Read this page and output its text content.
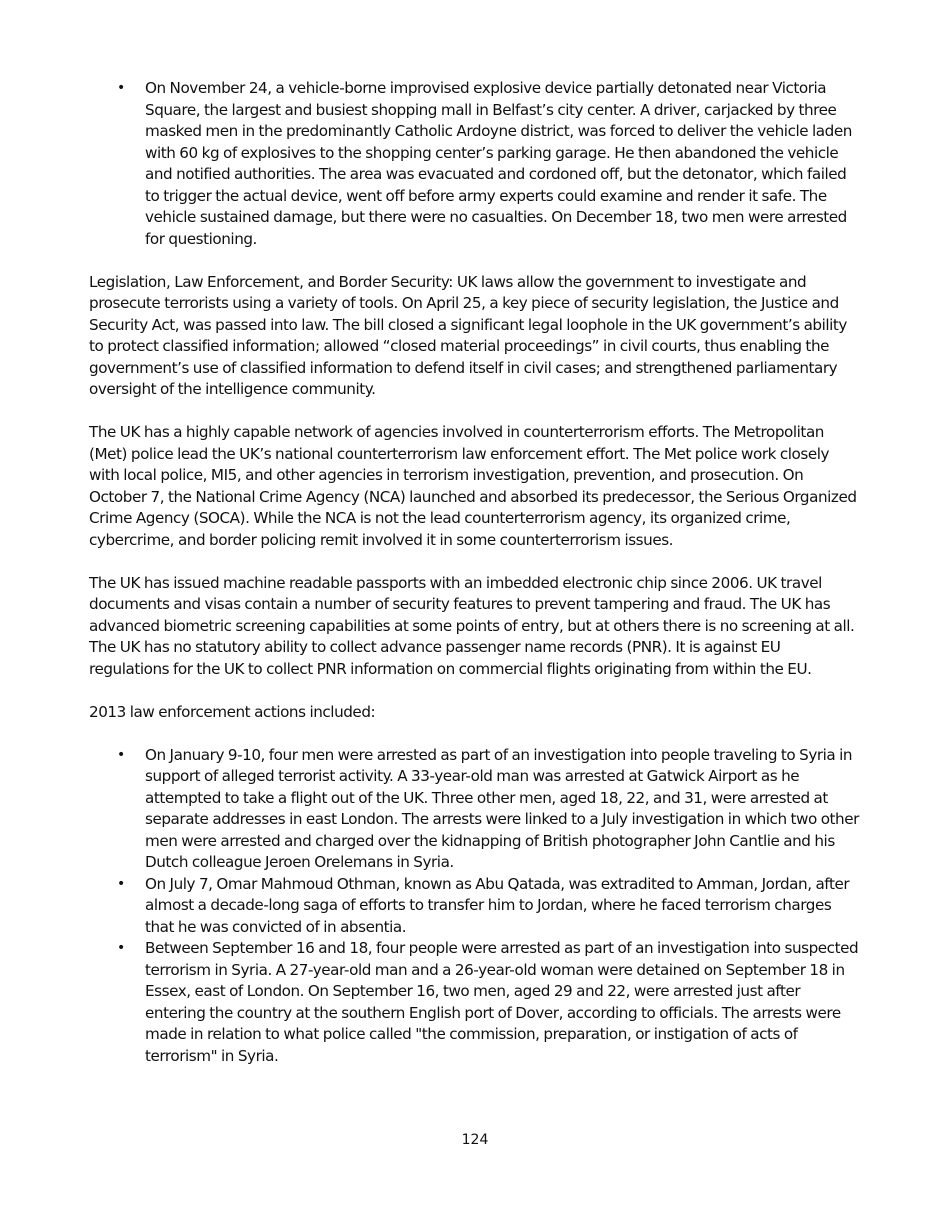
• On November 24, a vehicle-borne improvised explosive device partially detonated near Victoria Square, the largest and busiest shopping mall in Belfast’s city center. A driver, carjacked by three masked men in the predominantly Catholic Ardoyne district, was forced to deliver the vehicle laden with 60 kg of explosives to the shopping center’s parking garage. He then abandoned the vehicle and notified authorities. The area was evacuated and cordoned off, but the detonator, which failed to trigger the actual device, went off before army experts could examine and render it safe. The vehicle sustained damage, but there were no casualties. On December 18, two men were arrested for questioning.

Legislation, Law Enforcement, and Border Security: UK laws allow the government to investigate and prosecute terrorists using a variety of tools. On April 25, a key piece of security legislation, the Justice and Security Act, was passed into law. The bill closed a significant legal loophole in the UK government’s ability to protect classified information; allowed “closed material proceedings” in civil courts, thus enabling the government’s use of classified information to defend itself in civil cases; and strengthened parliamentary oversight of the intelligence community.

The UK has a highly capable network of agencies involved in counterterrorism efforts. The Metropolitan (Met) police lead the UK’s national counterterrorism law enforcement effort. The Met police work closely with local police, MI5, and other agencies in terrorism investigation, prevention, and prosecution. On October 7, the National Crime Agency (NCA) launched and absorbed its predecessor, the Serious Organized Crime Agency (SOCA). While the NCA is not the lead counterterrorism agency, its organized crime, cybercrime, and border policing remit involved it in some counterterrorism issues.

The UK has issued machine readable passports with an imbedded electronic chip since 2006. UK travel documents and visas contain a number of security features to prevent tampering and fraud. The UK has advanced biometric screening capabilities at some points of entry, but at others there is no screening at all. The UK has no statutory ability to collect advance passenger name records (PNR). It is against EU regulations for the UK to collect PNR information on commercial flights originating from within the EU.

2013 law enforcement actions included:

• On January 9-10, four men were arrested as part of an investigation into people traveling to Syria in support of alleged terrorist activity. A 33-year-old man was arrested at Gatwick Airport as he attempted to take a flight out of the UK. Three other men, aged 18, 22, and 31, were arrested at separate addresses in east London. The arrests were linked to a July investigation in which two other men were arrested and charged over the kidnapping of British photographer John Cantlie and his Dutch colleague Jeroen Orelemans in Syria.
• On July 7, Omar Mahmoud Othman, known as Abu Qatada, was extradited to Amman, Jordan, after almost a decade-long saga of efforts to transfer him to Jordan, where he faced terrorism charges that he was convicted of in absentia.
• Between September 16 and 18, four people were arrested as part of an investigation into suspected terrorism in Syria. A 27-year-old man and a 26-year-old woman were detained on September 18 in Essex, east of London. On September 16, two men, aged 29 and 22, were arrested just after entering the country at the southern English port of Dover, according to officials. The arrests were made in relation to what police called "the commission, preparation, or instigation of acts of terrorism" in Syria.
124
